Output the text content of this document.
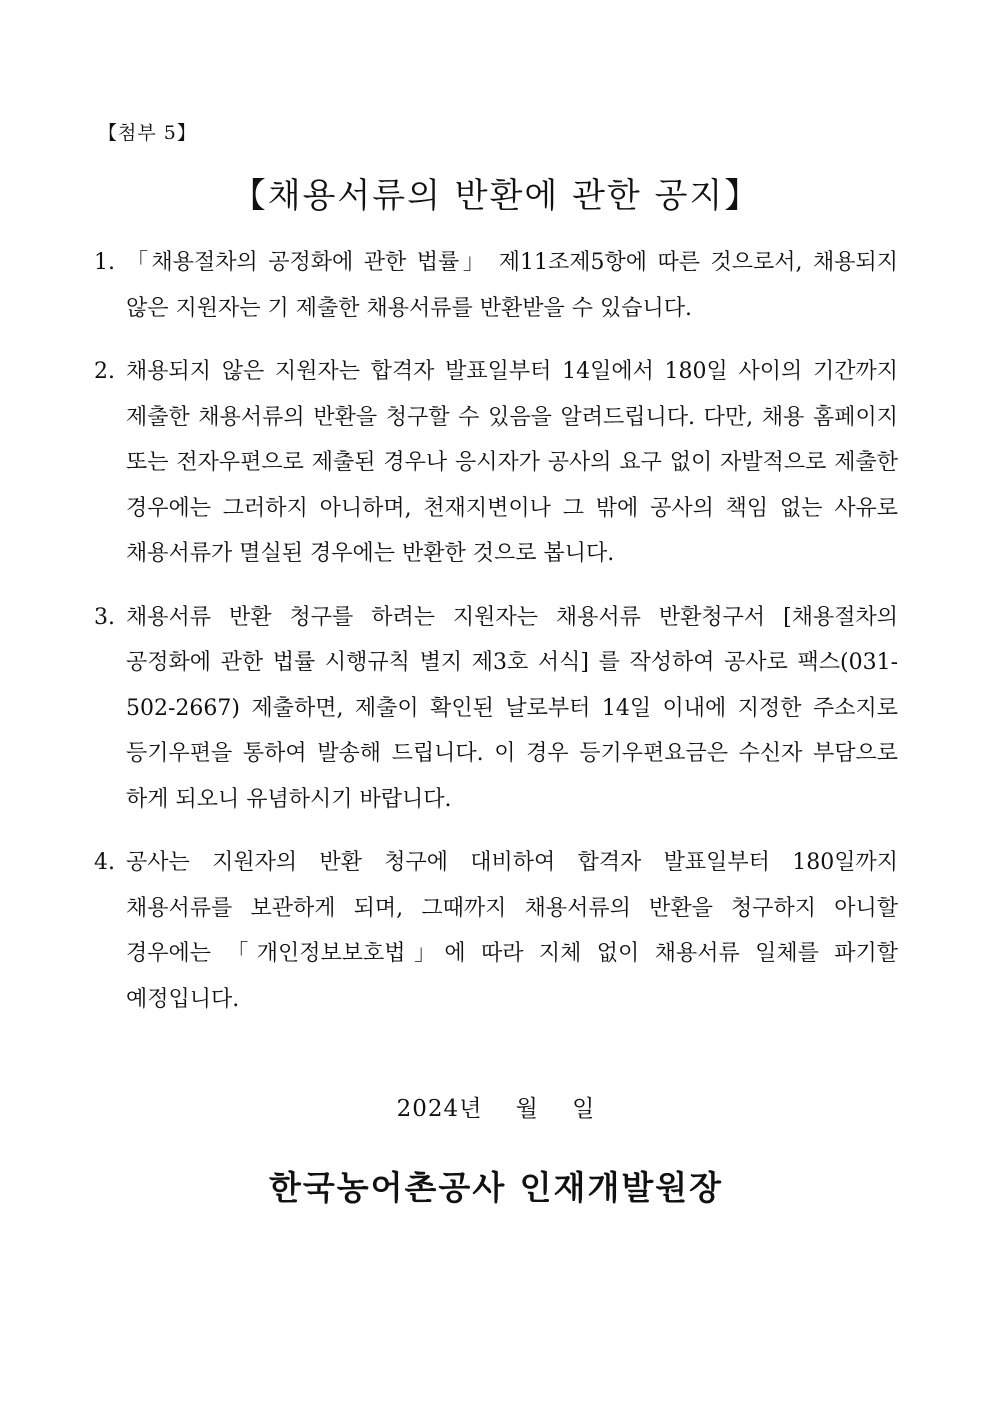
【첨부 5】
【채용서류의 반환에 관한 공지】
1. 「채용절차의 공정화에 관한 법률」 제11조제5항에 따른 것으로서, 채용되지 않은 지원자는 기 제출한 채용서류를 반환받을 수 있습니다.
2. 채용되지 않은 지원자는 합격자 발표일부터 14일에서 180일 사이의 기간까지 제출한 채용서류의 반환을 청구할 수 있음을 알려드립니다. 다만, 채용 홈페이지 또는 전자우편으로 제출된 경우나 응시자가 공사의 요구 없이 자발적으로 제출한 경우에는 그러하지 아니하며, 천재지변이나 그 밖에 공사의 책임 없는 사유로 채용서류가 멸실된 경우에는 반환한 것으로 봅니다.
3. 채용서류 반환 청구를 하려는 지원자는 채용서류 반환청구서 [채용절차의 공정화에 관한 법률 시행규칙 별지 제3호 서식] 를 작성하여 공사로 팩스(031-502-2667) 제출하면, 제출이 확인된 날로부터 14일 이내에 지정한 주소지로 등기우편을 통하여 발송해 드립니다. 이 경우 등기우편요금은 수신자 부담으로 하게 되오니 유념하시기 바랍니다.
4. 공사는 지원자의 반환 청구에 대비하여 합격자 발표일부터 180일까지 채용서류를 보관하게 되며, 그때까지 채용서류의 반환을 청구하지 아니할 경우에는 「개인정보보호법」에 따라 지체 없이 채용서류 일체를 파기할 예정입니다.
2024년    월    일
한국농어촌공사 인재개발원장
